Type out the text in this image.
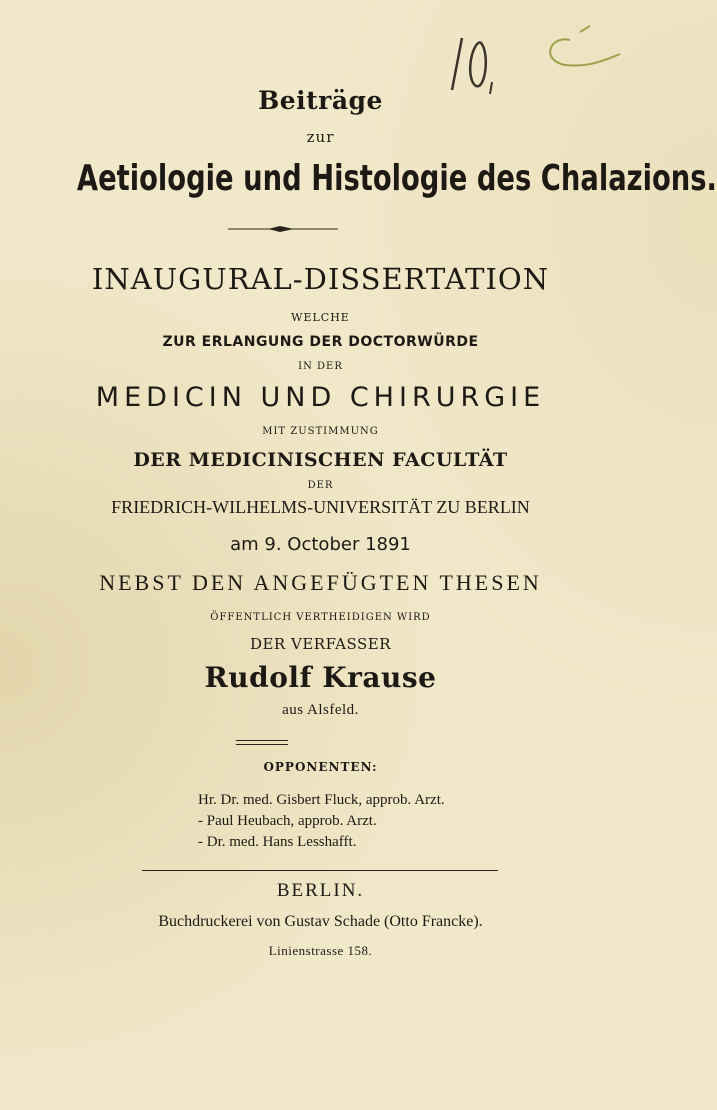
Beiträge
zur
Aetiologie und Histologie des Chalazions.
INAUGURAL-DISSERTATION
WELCHE
ZUR ERLANGUNG DER DOCTORWÜRDE
IN DER
MEDICIN UND CHIRURGIE
MIT ZUSTIMMUNG
DER MEDICINISCHEN FACULTÄT
DER
FRIEDRICH-WILHELMS-UNIVERSITÄT ZU BERLIN
am 9. October 1891
NEBST DEN ANGEFÜGTEN THESEN
ÖFFENTLICH VERTHEIDIGEN WIRD
DER VERFASSER
Rudolf Krause
aus Alsfeld.
OPPONENTEN:
Hr. Dr. med. Gisbert Fluck, approb. Arzt.
- Paul Heubach, approb. Arzt.
- Dr. med. Hans Lesshafft.
BERLIN.
Buchdruckerei von Gustav Schade (Otto Francke).
Linienstrasse 158.
